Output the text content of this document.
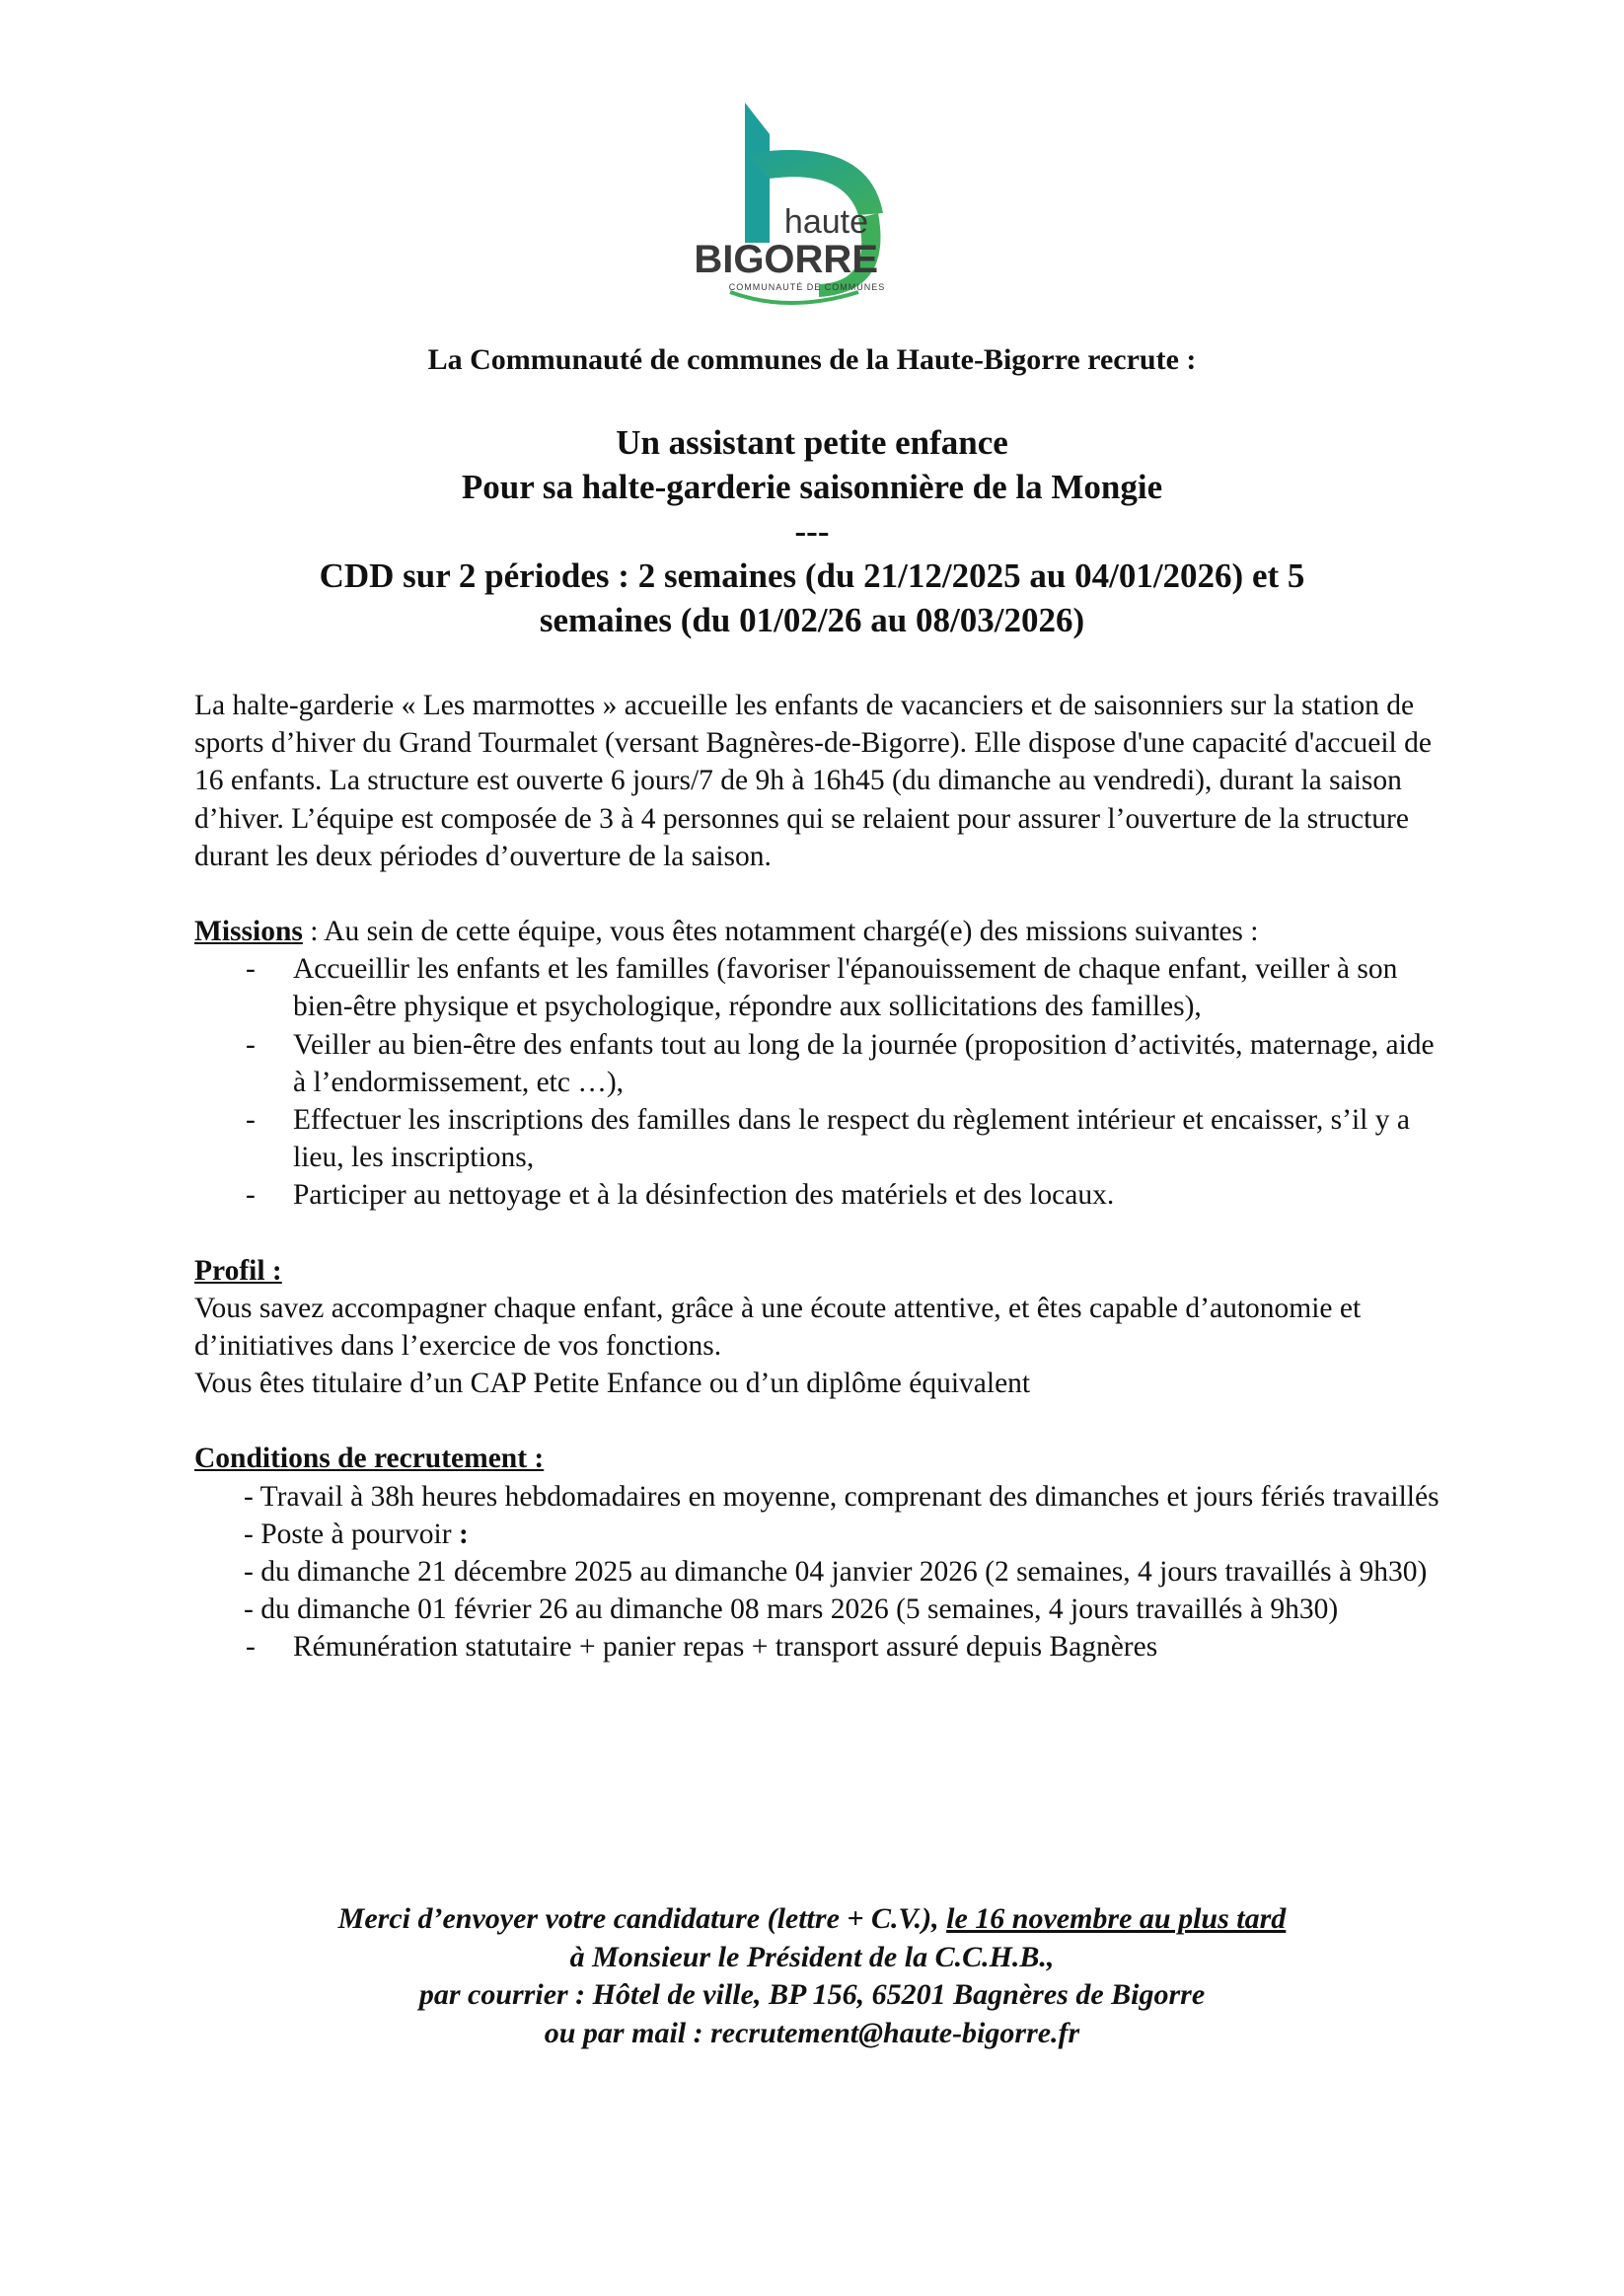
haute
BIGORRE
COMMUNAUTÉ DE COMMUNES
La Communauté de communes de la Haute-Bigorre recrute :
Un assistant petite enfance
Pour sa halte-garderie saisonnière de la Mongie
---
CDD sur 2 périodes : 2 semaines (du 21/12/2025 au 04/01/2026) et 5
semaines (du 01/02/26 au 08/03/2026)

La halte-garderie « Les marmottes » accueille les enfants de vacanciers et de saisonniers sur la station de sports d’hiver du Grand Tourmalet (versant Bagnères-de-Bigorre). Elle dispose d'une capacité d'accueil de 16 enfants. La structure est ouverte 6 jours/7 de 9h à 16h45 (du dimanche au vendredi), durant la saison d’hiver. L’équipe est composée de 3 à 4 personnes qui se relaient pour assurer l’ouverture de la structure durant les deux périodes d’ouverture de la saison.

Missions : Au sein de cette équipe, vous êtes notamment chargé(e) des missions suivantes :

- Accueillir les enfants et les familles (favoriser l'épanouissement de chaque enfant, veiller à son bien-être physique et psychologique, répondre aux sollicitations des familles),
- Veiller au bien-être des enfants tout au long de la journée (proposition d’activités, maternage, aide à l’endormissement, etc …),
- Effectuer les inscriptions des familles dans le respect du règlement intérieur et encaisser, s’il y a lieu, les inscriptions,
- Participer au nettoyage et à la désinfection des matériels et des locaux.

Profil :

Vous savez accompagner chaque enfant, grâce à une écoute attentive, et êtes capable d’autonomie et d’initiatives dans l’exercice de vos fonctions.

Vous êtes titulaire d’un CAP Petite Enfance ou d’un diplôme équivalent

Conditions de recrutement :

- Travail à 38h heures hebdomadaires en moyenne, comprenant des dimanches et jours fériés travaillés

- Poste à pourvoir :

- du dimanche 21 décembre 2025 au dimanche 04 janvier 2026 (2 semaines, 4 jours travaillés à 9h30)

- du dimanche 01 février 26 au dimanche 08 mars 2026 (5 semaines, 4 jours travaillés à 9h30)

- Rémunération statutaire + panier repas + transport assuré depuis Bagnères
Merci d’envoyer votre candidature (lettre + C.V.), le 16 novembre au plus tard
à Monsieur le Président de la C.C.H.B.,
par courrier : Hôtel de ville, BP 156, 65201 Bagnères de Bigorre
ou par mail : recrutement@haute-bigorre.fr
